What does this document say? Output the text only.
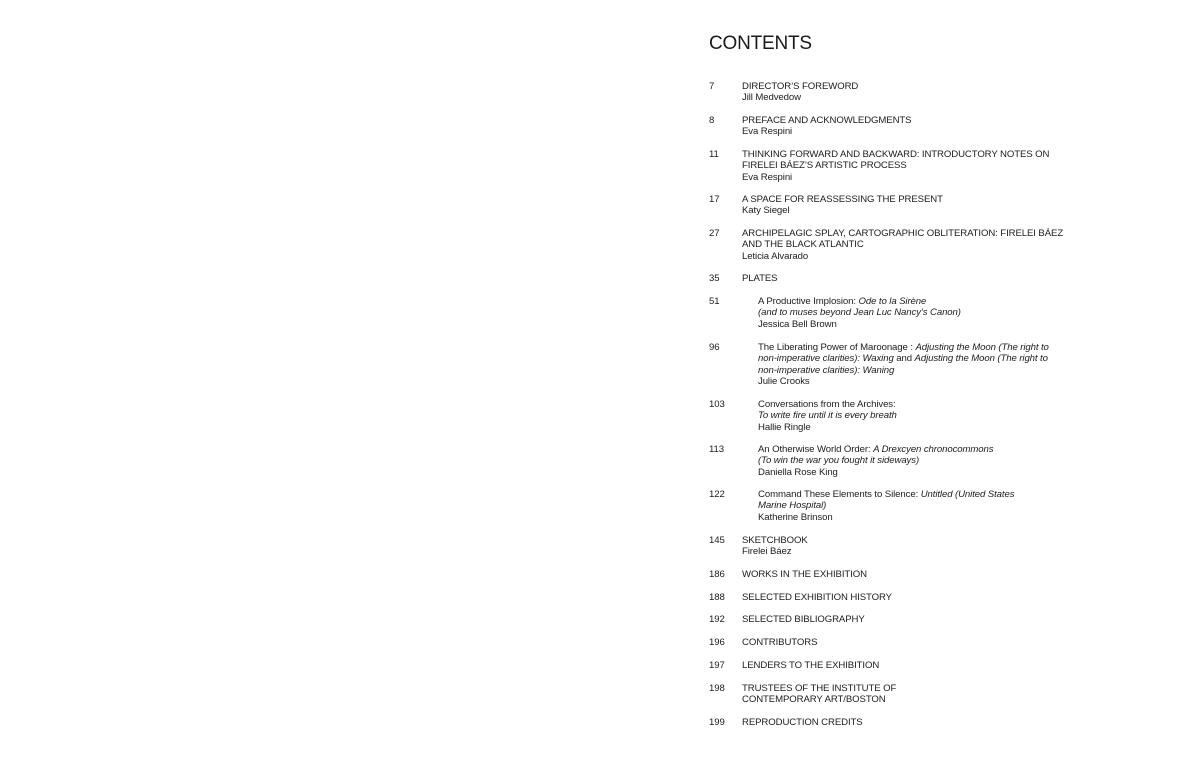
CONTENTS
7	DIRECTOR’S FOREWORD
Jill Medvedow
8	PREFACE AND ACKNOWLEDGMENTS
Eva Respini
11	THINKING FORWARD AND BACKWARD: INTRODUCTORY NOTES ON
FIRELEI BÁEZ’S ARTISTIC PROCESS
Eva Respini
17	A SPACE FOR REASSESSING THE PRESENT
Katy Siegel
27	ARCHIPELAGIC SPLAY, CARTOGRAPHIC OBLITERATION: FIRELEI BÁEZ
AND THE BLACK ATLANTIC
Leticia Alvarado
35	PLATES
51	A Productive Implosion: Ode to la Sirène
(and to muses beyond Jean Luc Nancy’s Canon)
Jessica Bell Brown
96	The Liberating Power of Maroonage : Adjusting the Moon (The right to
non-imperative clarities): Waxing and Adjusting the Moon (The right to
non-imperative clarities): Waning
Julie Crooks
103	Conversations from the Archives:
To write fire until it is every breath
Hallie Ringle
113	An Otherwise World Order: A Drexcyen chronocommons
(To win the war you fought it sideways)
Daniella Rose King
122	Command These Elements to Silence: Untitled (United States
Marine Hospital)
Katherine Brinson
145	SKETCHBOOK
Firelei Báez
186	WORKS IN THE EXHIBITION
188	SELECTED EXHIBITION HISTORY
192	SELECTED BIBLIOGRAPHY
196	CONTRIBUTORS
197	LENDERS TO THE EXHIBITION
198	TRUSTEES OF THE INSTITUTE OF
CONTEMPORARY ART/BOSTON
199	REPRODUCTION CREDITS
